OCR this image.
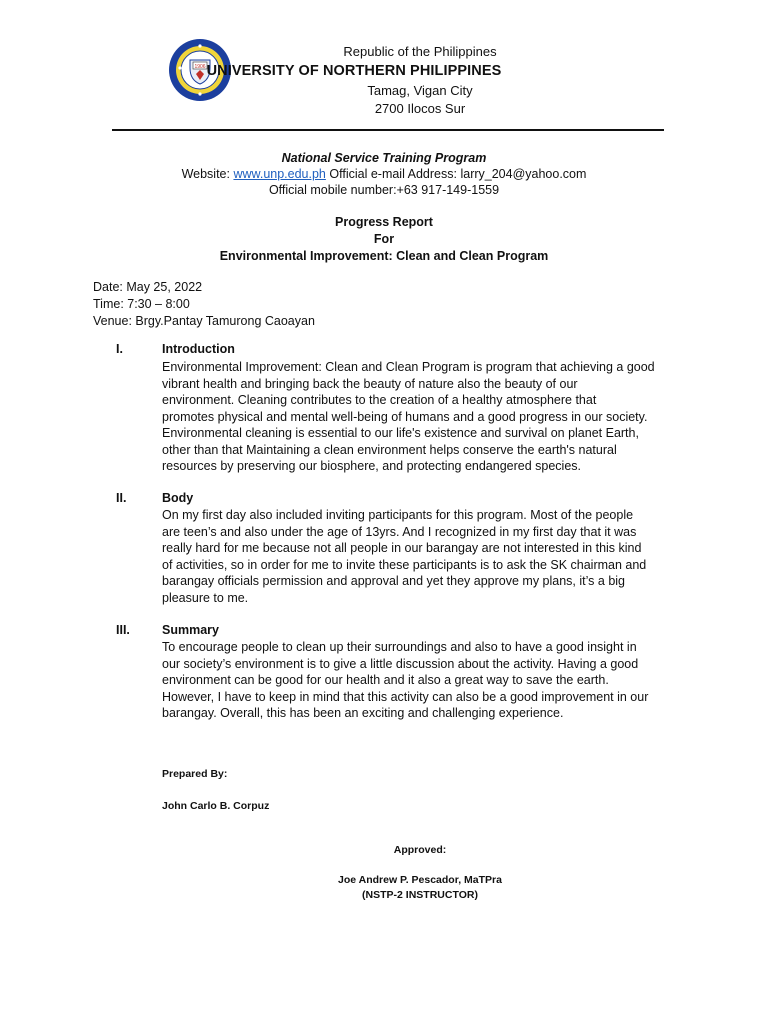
1906
Republic of the Philippines
UNIVERSITY OF NORTHERN PHILIPPINES
Tamag, Vigan City
2700 Ilocos Sur
National Service Training Program
Website: www.unp.edu.ph Official e-mail Address: larry_204@yahoo.com
Official mobile number:+63 917-149-1559
Progress Report
For
Environmental Improvement: Clean and Clean Program
Date: May 25, 2022
Time: 7:30 – 8:00
Venue: Brgy.Pantay Tamurong Caoayan
I.	Introduction
Environmental Improvement: Clean and Clean Program is program that achieving a good
vibrant health and bringing back the beauty of nature also the beauty of our
environment. Cleaning contributes to the creation of a healthy atmosphere that
promotes physical and mental well-being of humans and a good progress in our society.
Environmental cleaning is essential to our life's existence and survival on planet Earth,
other than that Maintaining a clean environment helps conserve the earth's natural
resources by preserving our biosphere, and protecting endangered species.
II.	Body
On my first day also included inviting participants for this program. Most of the people
are teen’s and also under the age of 13yrs. And I recognized in my first day that it was
really hard for me because not all people in our barangay are not interested in this kind
of activities, so in order for me to invite these participants is to ask the SK chairman and
barangay officials permission and approval and yet they approve my plans, it’s a big
pleasure to me.
III.	Summary
To encourage people to clean up their surroundings and also to have a good insight in
our society’s environment is to give a little discussion about the activity. Having a good
environment can be good for our health and it also a great way to save the earth.
However, I have to keep in mind that this activity can also be a good improvement in our
barangay. Overall, this has been an exciting and challenging experience.
Prepared By:
John Carlo B. Corpuz
Approved:
Joe Andrew P. Pescador, MaTPra
(NSTP-2 INSTRUCTOR)
